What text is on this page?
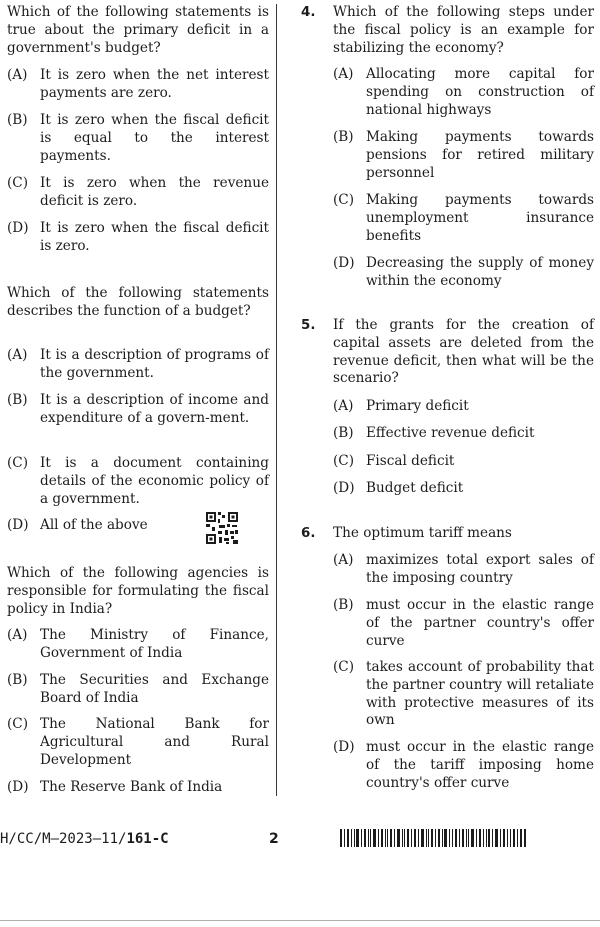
Which of the following statements is true about the primary deficit in a government's budget?
(A) It is zero when the net interest payments are zero.
(B) It is zero when the fiscal deficit is equal to the interest payments.
(C) It is zero when the revenue deficit is zero.
(D) It is zero when the fiscal deficit is zero.
Which of the following statements describes the function of a budget?
(A) It is a description of programs of the government.
(B) It is a description of income and expenditure of a govern-ment.
(C) It is a document containing details of the economic policy of a government.
(D) All of the above
Which of the following agencies is responsible for formulating the fiscal policy in India?
(A) The Ministry of Finance, Government of India
(B) The Securities and Exchange Board of India
(C) The National Bank for Agricultural and Rural Development
(D) The Reserve Bank of India
4. Which of the following steps under the fiscal policy is an example for stabilizing the economy?
(A) Allocating more capital for spending on construction of national highways
(B) Making payments towards pensions for retired military personnel
(C) Making payments towards unemployment insurance benefits
(D) Decreasing the supply of money within the economy
5. If the grants for the creation of capital assets are deleted from the revenue deficit, then what will be the scenario?
(A) Primary deficit
(B) Effective revenue deficit
(C) Fiscal deficit
(D) Budget deficit
6. The optimum tariff means
(A) maximizes total export sales of the imposing country
(B) must occur in the elastic range of the partner country's offer curve
(C) takes account of probability that the partner country will retaliate with protective measures of its own
(D) must occur in the elastic range of the tariff imposing home country's offer curve
H/CC/M–2023–11/161-C	2
